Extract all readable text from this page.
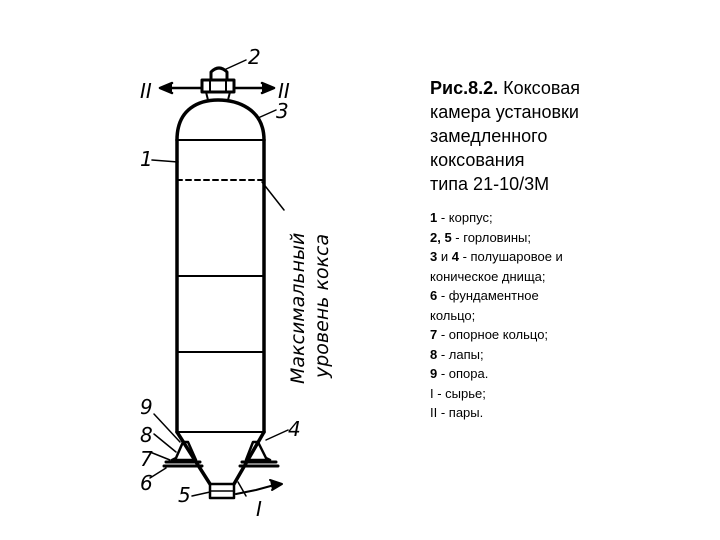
2
3
1
4
9
8
7
6 5
I
II	II
Максимальный уровень кокса
Рис.8.2. Коксовая
камера установки
замедленного
коксования
типа 21-10/3М
1 - корпус;
2, 5 - горловины;
3 и 4 - полушаровое и
коническое днища;
6 - фундаментное
кольцо;
7 - опорное кольцо;
8 - лапы;
9 - опора.
I - сырье;
II - пары.
